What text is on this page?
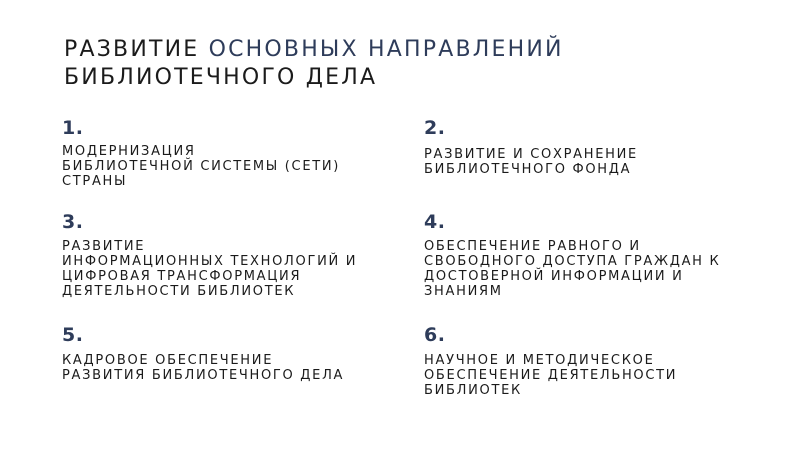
РАЗВИТИЕ ОСНОВНЫХ НАПРАВЛЕНИЙ
БИБЛИОТЕЧНОГО ДЕЛА
1.
МОДЕРНИЗАЦИЯ
БИБЛИОТЕЧНОЙ СИСТЕМЫ (СЕТИ)
СТРАНЫ
2.
РАЗВИТИЕ И СОХРАНЕНИЕ
БИБЛИОТЕЧНОГО ФОНДА
3.
РАЗВИТИЕ
ИНФОРМАЦИОННЫХ ТЕХНОЛОГИЙ И
ЦИФРОВАЯ ТРАНСФОРМАЦИЯ
ДЕЯТЕЛЬНОСТИ БИБЛИОТЕК
4.
ОБЕСПЕЧЕНИЕ РАВНОГО И
СВОБОДНОГО ДОСТУПА ГРАЖДАН К
ДОСТОВЕРНОЙ ИНФОРМАЦИИ И
ЗНАНИЯМ
5.
КАДРОВОЕ ОБЕСПЕЧЕНИЕ
РАЗВИТИЯ БИБЛИОТЕЧНОГО ДЕЛА
6.
НАУЧНОЕ И МЕТОДИЧЕСКОЕ
ОБЕСПЕЧЕНИЕ ДЕЯТЕЛЬНОСТИ
БИБЛИОТЕК
